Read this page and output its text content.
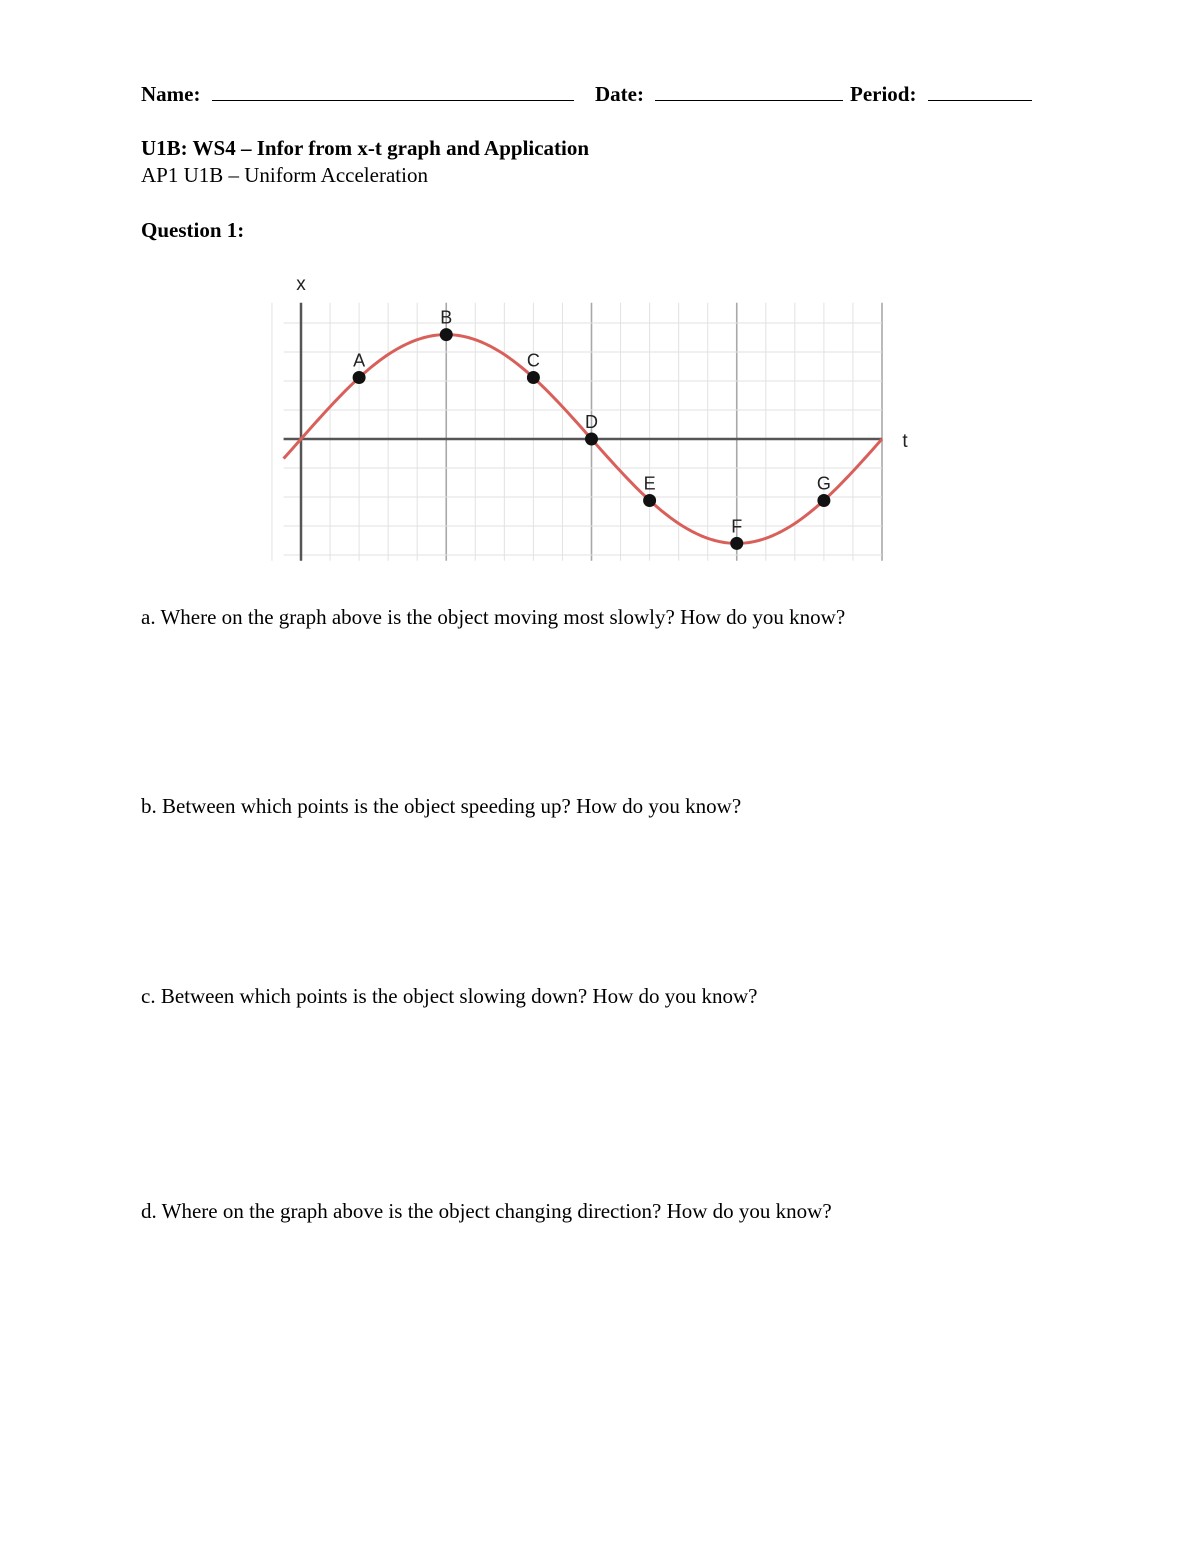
Name:	Date:	Period:
U1B: WS4 – Infor from x-t graph and Application
AP1 U1B – Uniform Acceleration
Question 1:
A
B
C
D
E
F
G
x
t
a. Where on the graph above is the object moving most slowly? How do you know?
b. Between which points is the object speeding up? How do you know?
c. Between which points is the object slowing down? How do you know?
d. Where on the graph above is the object changing direction? How do you know?
